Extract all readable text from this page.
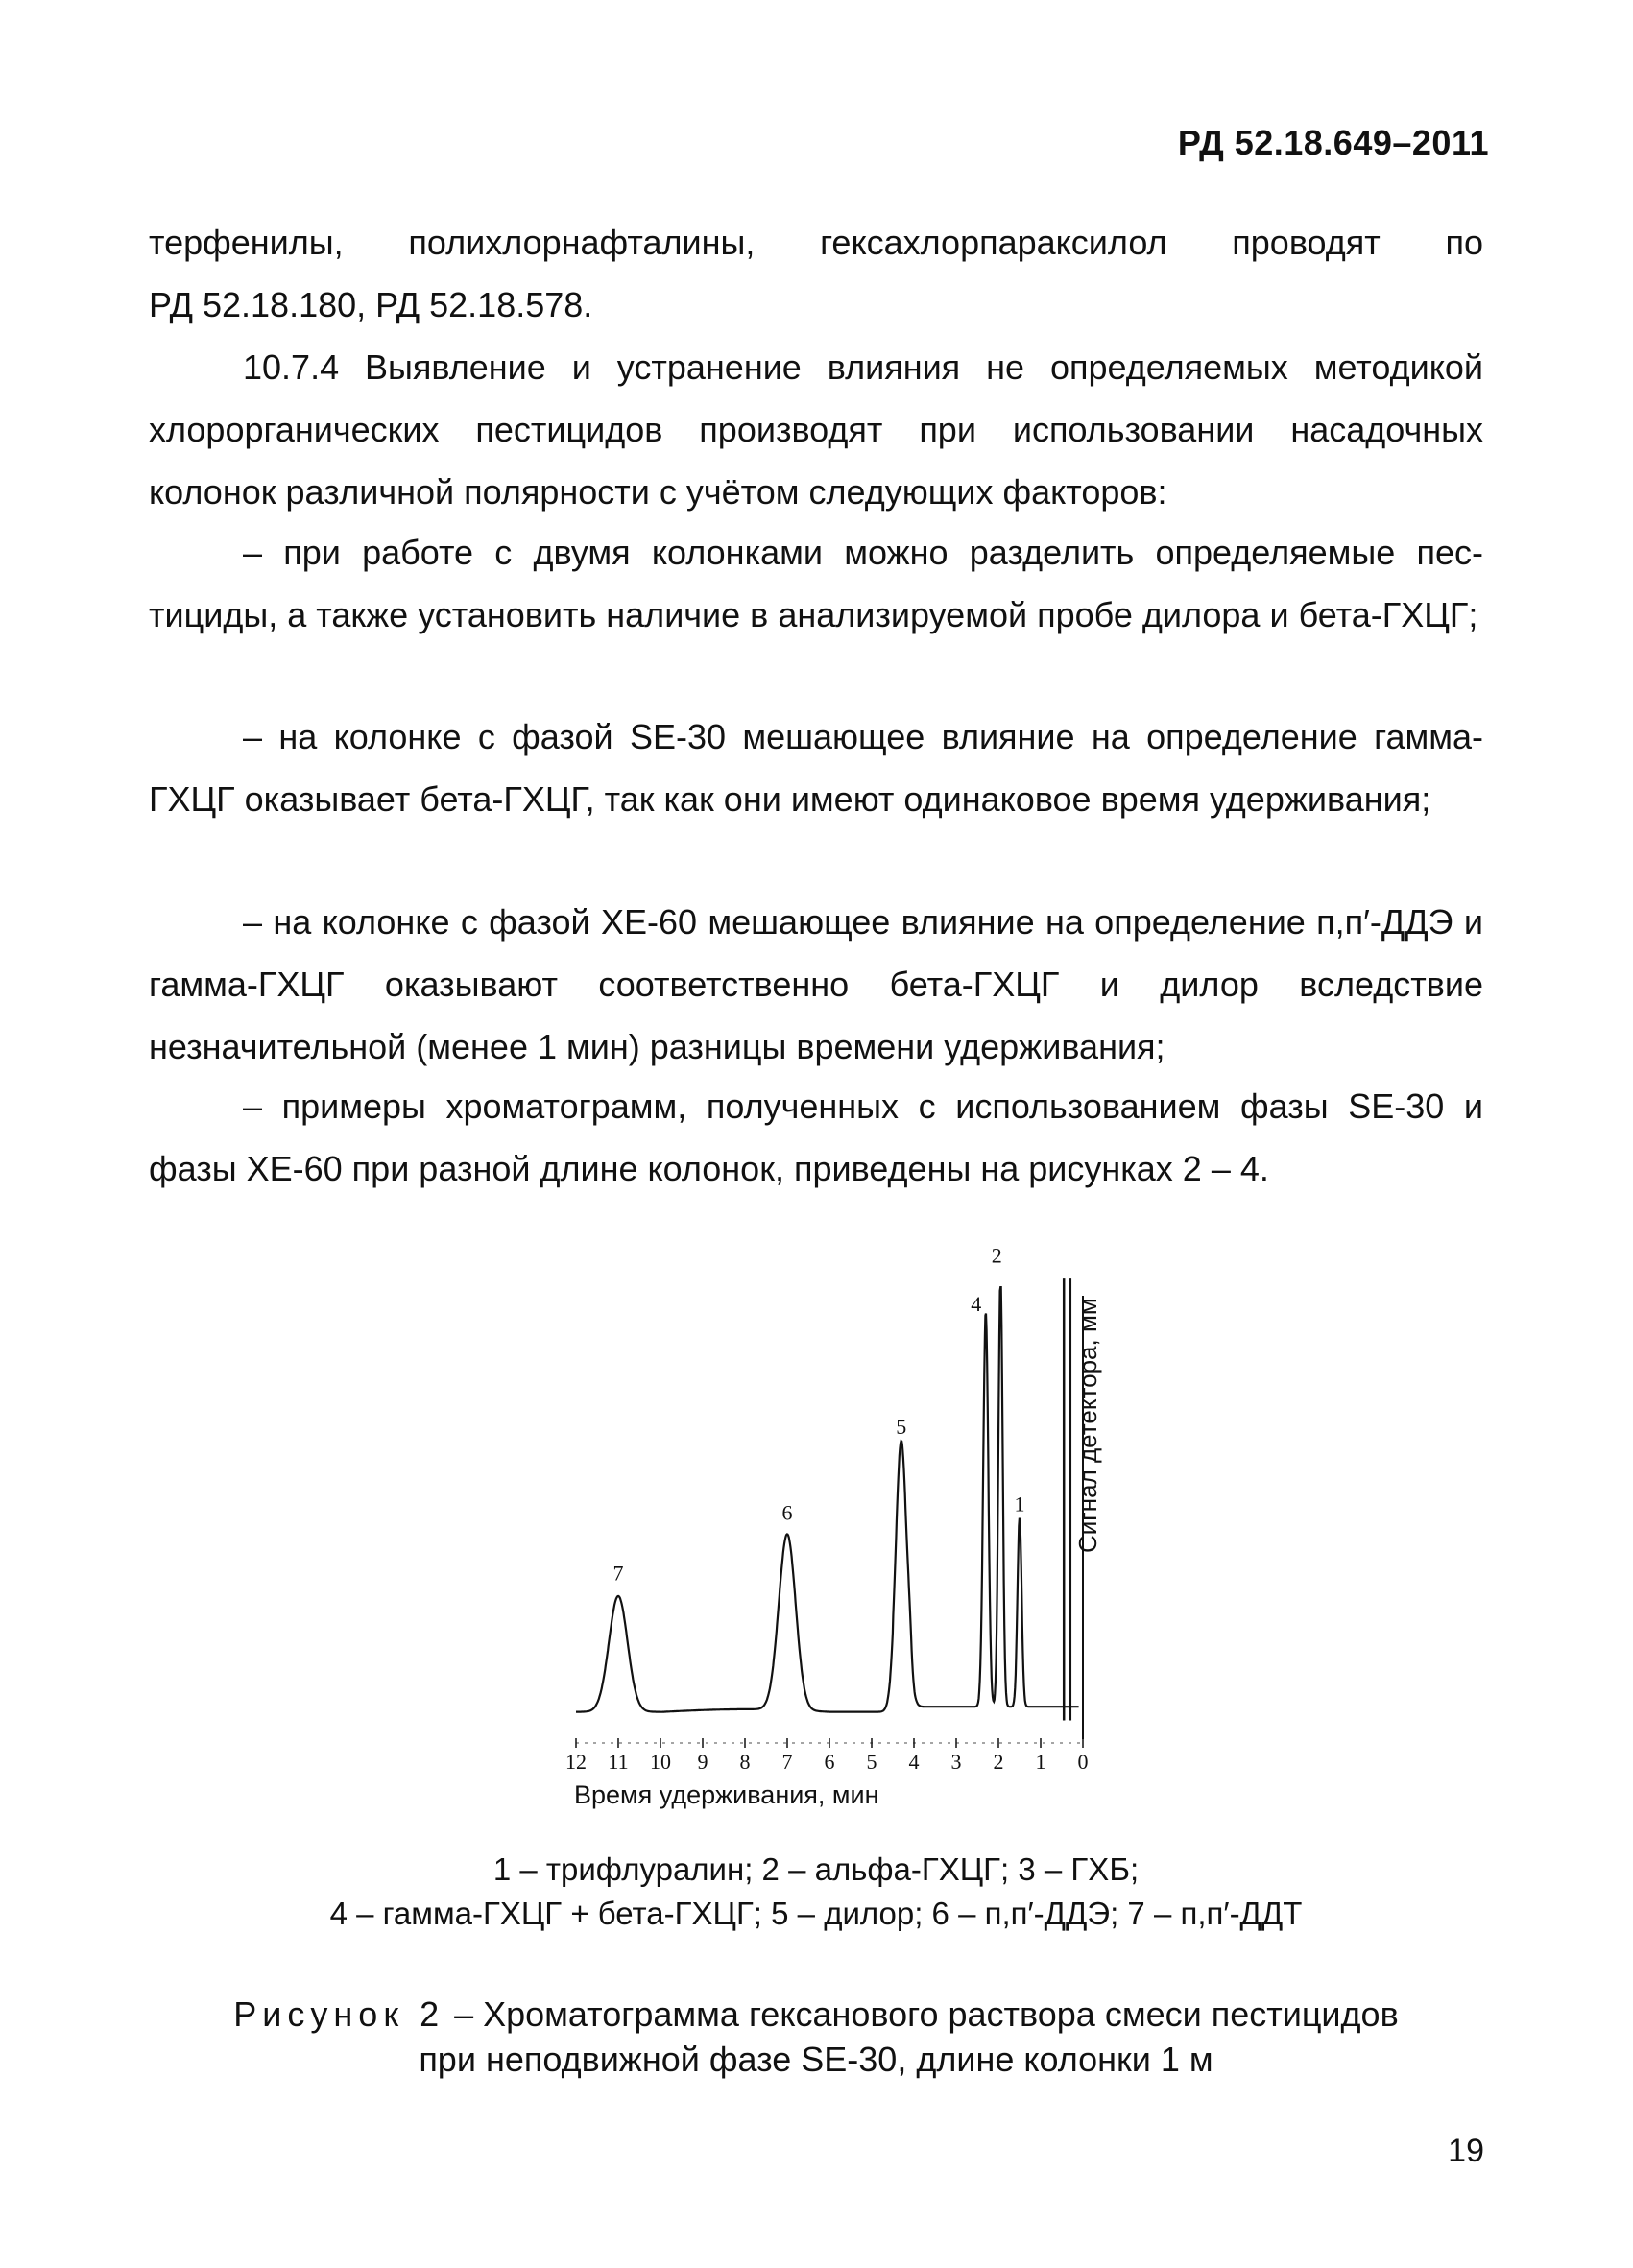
РД 52.18.649–2011
терфенилы, полихлорнафталины, гексахлорпараксилол проводят по
РД 52.18.180, РД 52.18.578.
10.7.4 Выявление и устранение влияния не определяемых методикой хлорорганических пестицидов производят при использовании насадочных колонок различной полярности с учётом следующих факторов:
– при работе с двумя колонками можно разделить определяемые пестициды, а также установить наличие в анализируемой пробе дилора и бета-ГХЦГ;
– на колонке с фазой SE-30 мешающее влияние на определение гамма-ГХЦГ оказывает бета-ГХЦГ, так как они имеют одинаковое время удерживания;
– на колонке с фазой XE-60 мешающее влияние на определение п,п′-ДДЭ и гамма-ГХЦГ оказывают соответственно бета-ГХЦГ и дилор вследствие незначительной (менее 1 мин) разницы времени удерживания;
– примеры хроматограмм, полученных с использованием фазы SE-30 и фазы XE-60 при разной длине колонок, приведены на рисунках 2 – 4.
12 11 10 9 8 7 6 5 4 3 2 1 0
7
6
5
4
2
1 Сигнал детектора, мм
Время удерживания, мин
1 – трифлуралин; 2 – альфа-ГХЦГ; 3 – ГХБ;
4 – гамма-ГХЦГ + бета-ГХЦГ; 5 – дилор; 6 – п,п′-ДДЭ; 7 – п,п′-ДДТ
Рисунок 2 – Хроматограмма гексанового раствора смеси пестицидов
при неподвижной фазе SE-30, длине колонки 1 м
19
